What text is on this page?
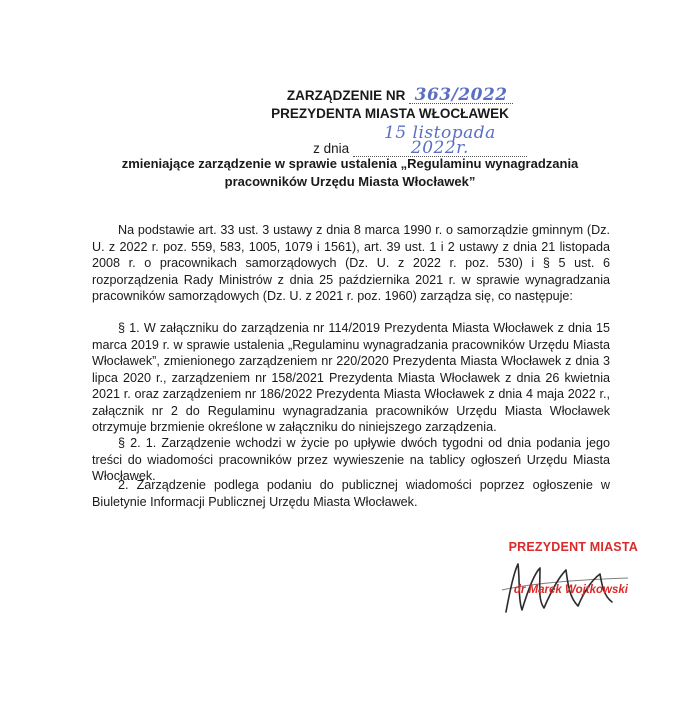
ZARZĄDZENIE NR 363/2022
PREZYDENTA MIASTA WŁOCŁAWEK
z dnia 15 listopada 2022r.
zmieniające zarządzenie w sprawie ustalenia „Regulaminu wynagradzania pracowników Urzędu Miasta Włocławek”

Na podstawie art. 33 ust. 3 ustawy z dnia 8 marca 1990 r. o samorządzie gminnym (Dz. U. z 2022 r. poz. 559, 583, 1005, 1079 i 1561), art. 39 ust. 1 i 2 ustawy z dnia 21 listopada 2008 r. o pracownikach samorządowych (Dz. U. z 2022 r. poz. 530) i § 5 ust. 6 rozporządzenia Rady Ministrów z dnia 25 października 2021 r. w sprawie wynagradzania pracowników samorządowych (Dz. U. z 2021 r. poz. 1960) zarządza się, co następuje:

§ 1. W załączniku do zarządzenia nr 114/2019 Prezydenta Miasta Włocławek z dnia 15 marca 2019 r. w sprawie ustalenia „Regulaminu wynagradzania pracowników Urzędu Miasta Włocławek”, zmienionego zarządzeniem nr 220/2020 Prezydenta Miasta Włocławek z dnia 3 lipca 2020 r., zarządzeniem nr 158/2021 Prezydenta Miasta Włocławek z dnia 26 kwietnia 2021 r. oraz zarządzeniem nr 186/2022 Prezydenta Miasta Włocławek z dnia 4 maja 2022 r., załącznik nr 2 do Regulaminu wynagradzania pracowników Urzędu Miasta Włocławek otrzymuje brzmienie określone w załączniku do niniejszego zarządzenia.

§ 2. 1. Zarządzenie wchodzi w życie po upływie dwóch tygodni od dnia podania jego treści do wiadomości pracowników przez wywieszenie na tablicy ogłoszeń Urzędu Miasta Włocławek.

2. Zarządzenie podlega podaniu do publicznej wiadomości poprzez ogłoszenie w Biuletynie Informacji Publicznej Urzędu Miasta Włocławek.

PREZYDENT MIASTA
dr Marek Wojtkowski
